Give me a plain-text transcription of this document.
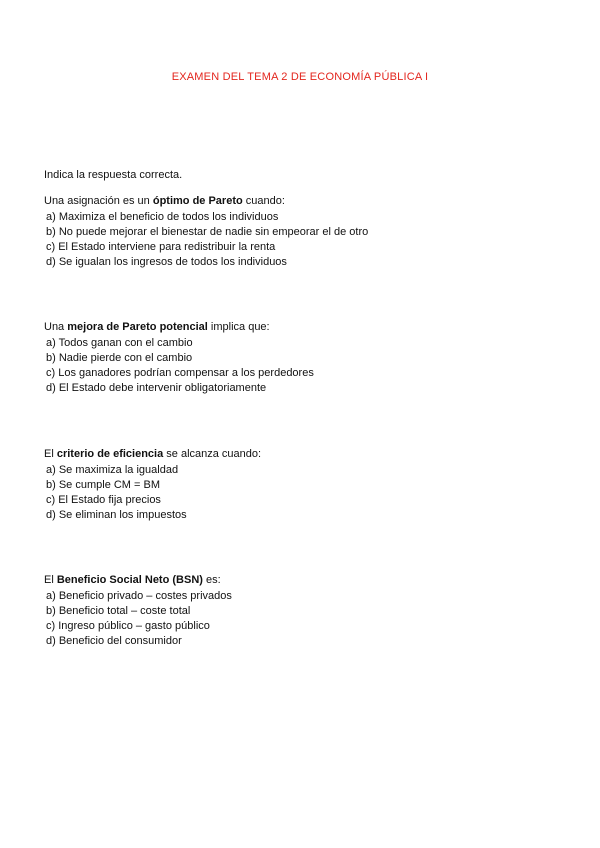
EXAMEN DEL TEMA 2 DE ECONOMÍA PÚBLICA I
Indica la respuesta correcta.

Una asignación es un óptimo de Pareto cuando:

a) Maximiza el beneficio de todos los individuos
b) No puede mejorar el bienestar de nadie sin empeorar el de otro
c) El Estado interviene para redistribuir la renta
d) Se igualan los ingresos de todos los individuos

Una mejora de Pareto potencial implica que:

a) Todos ganan con el cambio
b) Nadie pierde con el cambio
c) Los ganadores podrían compensar a los perdedores
d) El Estado debe intervenir obligatoriamente

El criterio de eficiencia se alcanza cuando:

a) Se maximiza la igualdad
b) Se cumple CM = BM
c) El Estado fija precios
d) Se eliminan los impuestos

El Beneficio Social Neto (BSN) es:

a) Beneficio privado – costes privados
b) Beneficio total – coste total
c) Ingreso público – gasto público
d) Beneficio del consumidor
